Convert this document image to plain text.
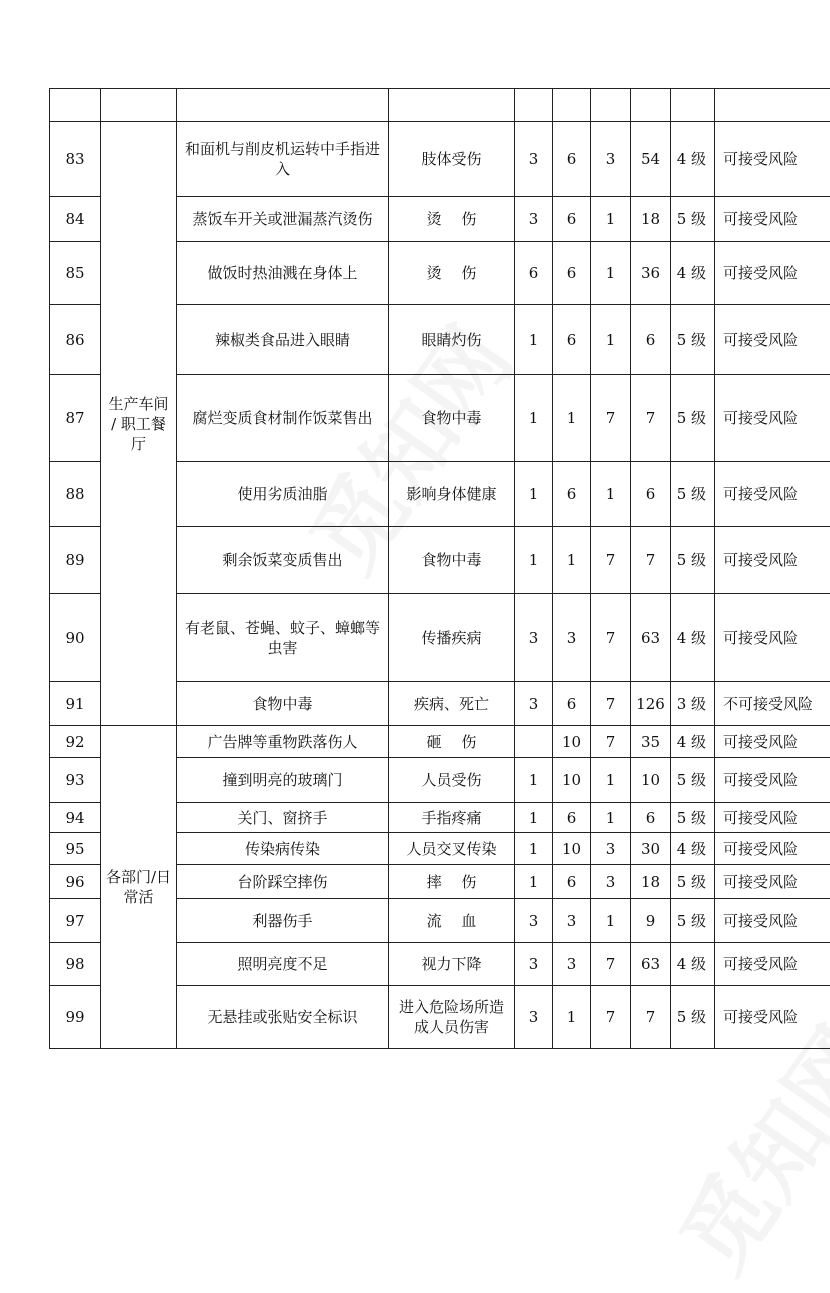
83	生产车间 / 职工餐厅	和面机与削皮机运转中手指进入	肢体受伤	3	6	3	54	4 级	可接受风险
84		蒸饭车开关或泄漏蒸汽烫伤	烫　 伤	3	6	1	18	5 级	可接受风险
85		做饭时热油溅在身体上	烫　 伤	6	6	1	36	4 级	可接受风险
86		辣椒类食品进入眼睛	眼睛灼伤	1	6	1	6	5 级	可接受风险
87		腐烂变质食材制作饭菜售出	食物中毒	1	1	7	7	5 级	可接受风险
88		使用劣质油脂	影响身体健康	1	6	1	6	5 级	可接受风险
89		剩余饭菜变质售出	食物中毒	1	1	7	7	5 级	可接受风险
90		有老鼠、苍蝇、蚊子、蟑螂等虫害	传播疾病	3	3	7	63	4 级	可接受风险
91		食物中毒	疾病、死亡	3	6	7	126	3 级	不可接受风险
92	各部门/日常活	广告牌等重物跌落伤人	砸　 伤		10	7	35	4 级	可接受风险
93		撞到明亮的玻璃门	人员受伤	1	10	1	10	5 级	可接受风险
94		关门、窗挤手	手指疼痛	1	6	1	6	5 级	可接受风险
95		传染病传染	人员交叉传染	1	10	3	30	4 级	可接受风险
96		台阶踩空摔伤	摔　 伤	1	6	3	18	5 级	可接受风险
97		利器伤手	流　 血	3	3	1	9	5 级	可接受风险
98		照明亮度不足	视力下降	3	3	7	63	4 级	可接受风险
99		无悬挂或张贴安全标识	进入危险场所造成人员伤害	3	1	7	7	5 级	可接受风险
